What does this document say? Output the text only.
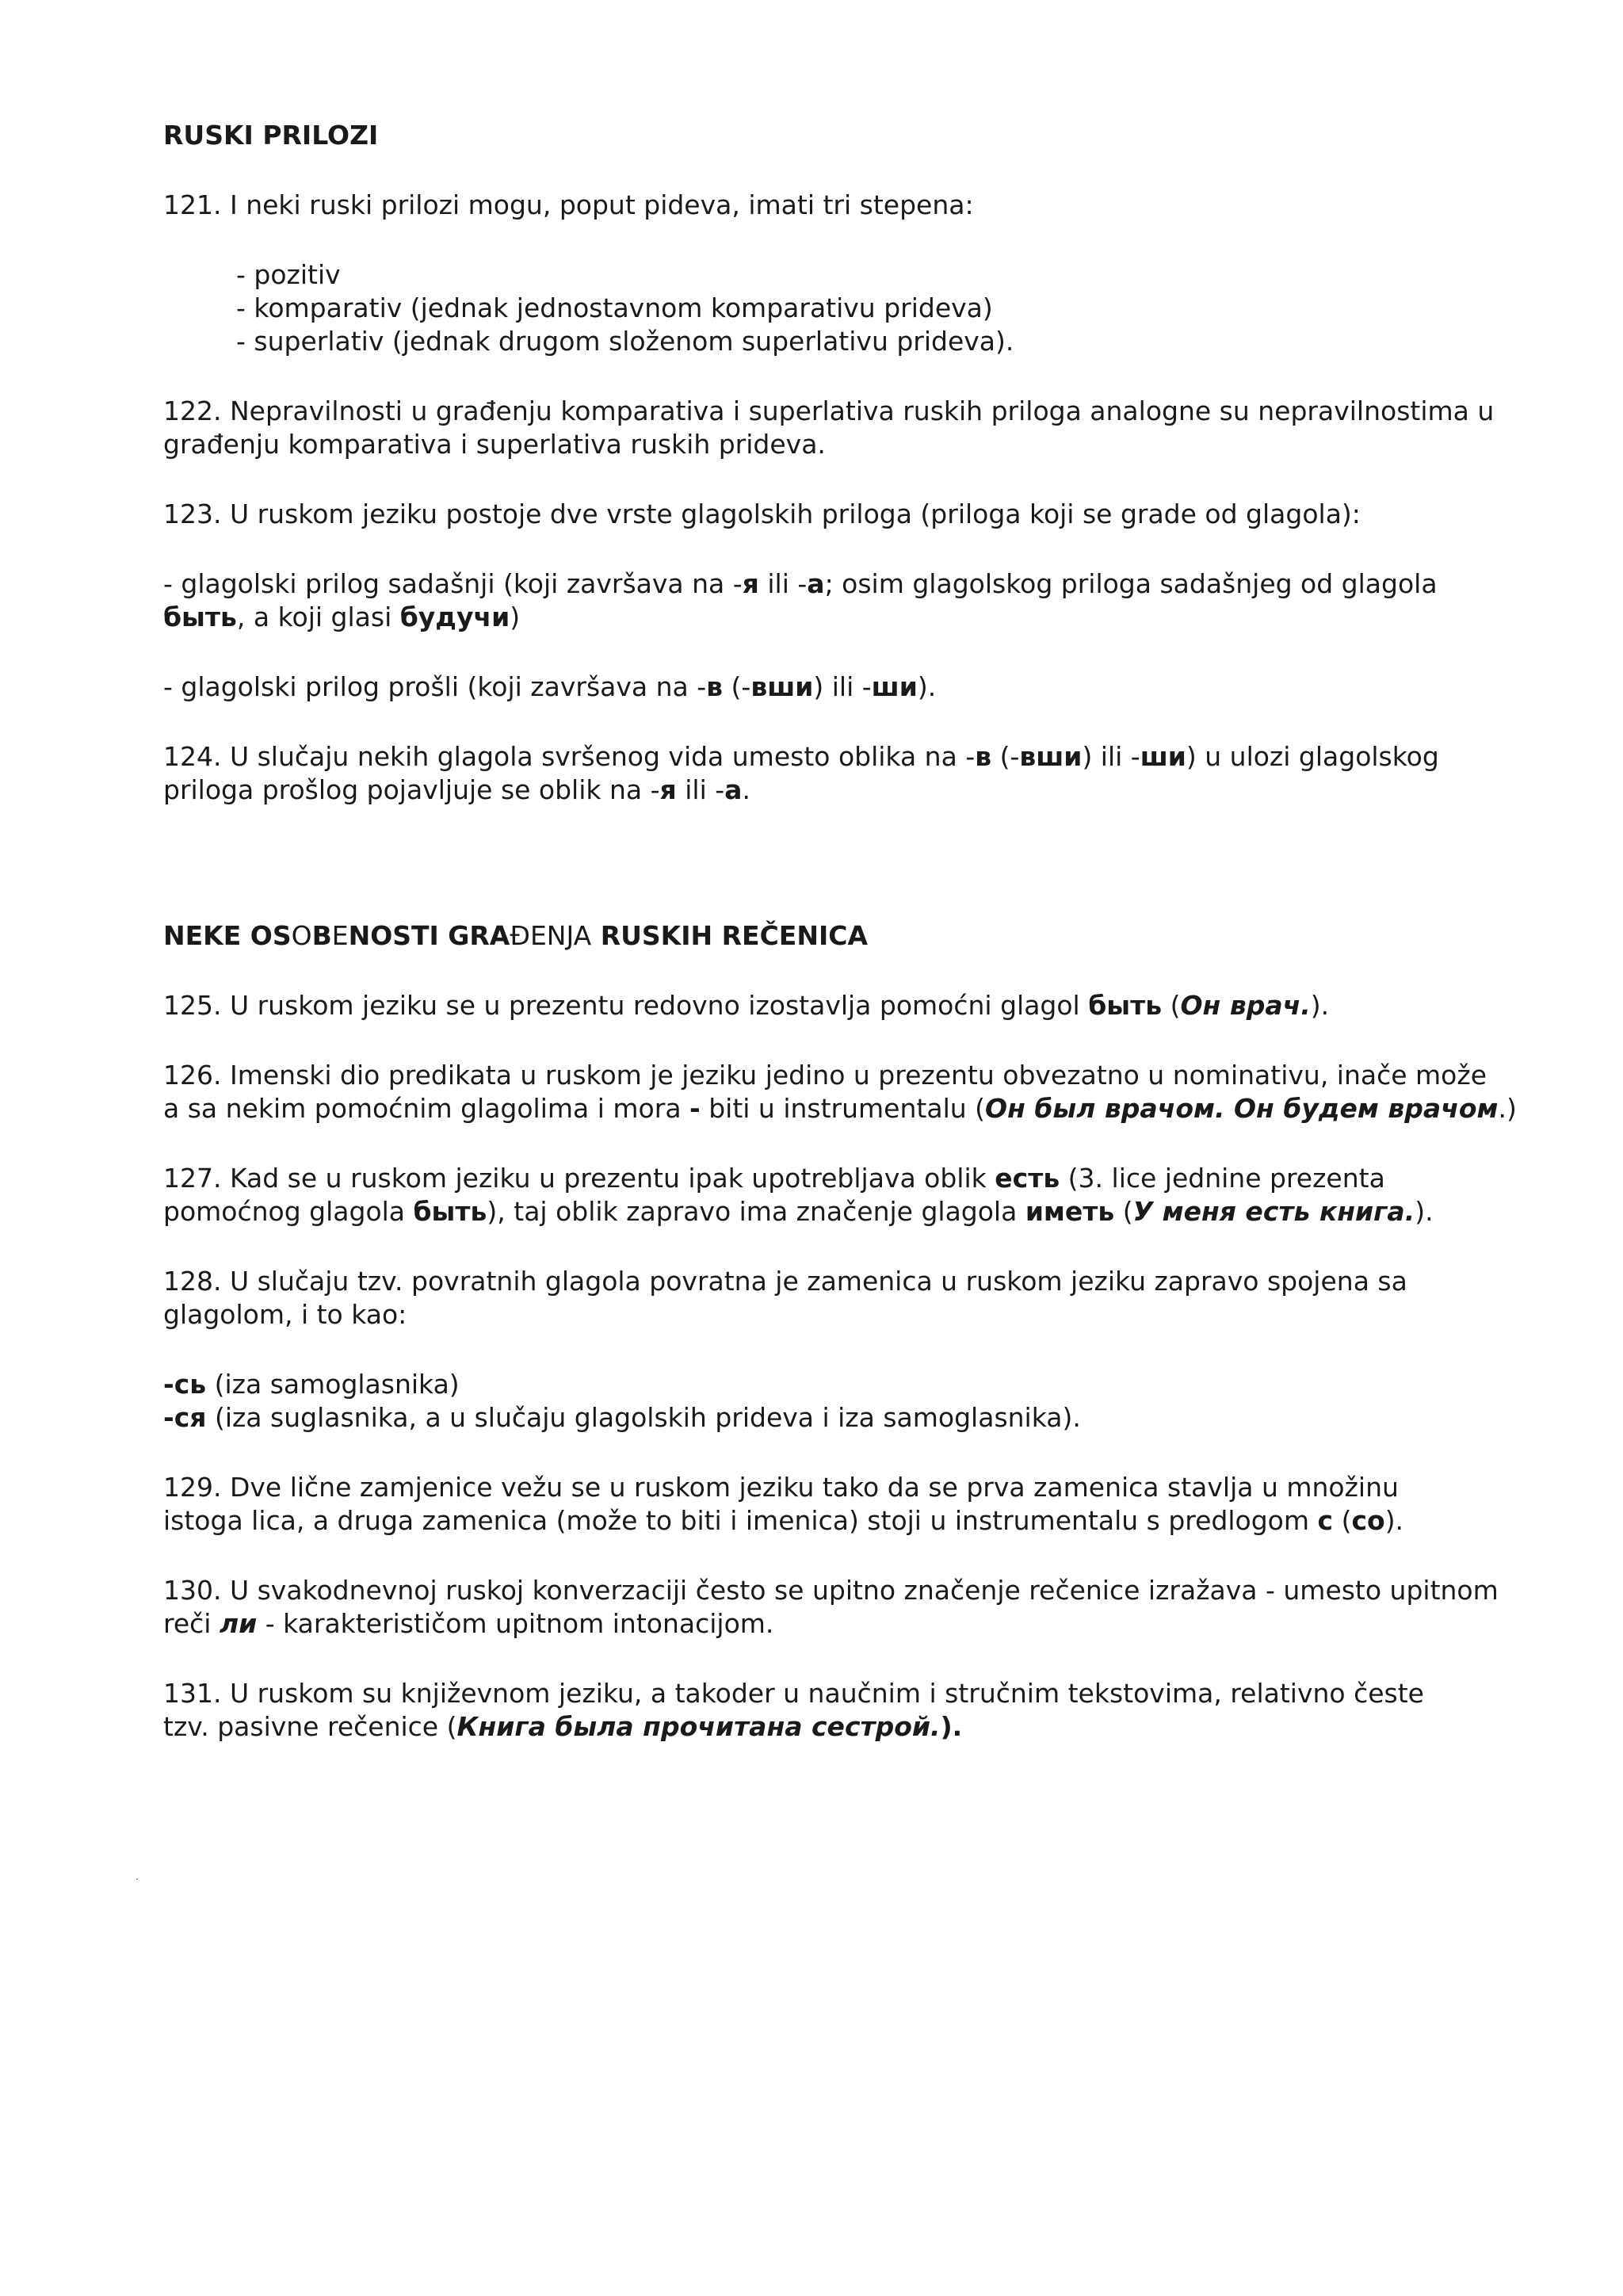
RUSKI PRILOZI

121. I neki ruski prilozi mogu, poput pideva, imati tri stepena:

- pozitiv

- komparativ (jednak jednostavnom komparativu prideva)

- superlativ (jednak drugom složenom superlativu prideva).

122. Nepravilnosti u građenju komparativa i superlativa ruskih priloga analogne su nepravilnostima u

građenju komparativa i superlativa ruskih prideva.

123. U ruskom jeziku postoje dve vrste glagolskih priloga (priloga koji se grade od glagola):

- glagolski prilog sadašnji (koji završava na -я ili -а; osim glagolskog priloga sadašnjeg od glagola

быть, a koji glasi будучи)

- glagolski prilog prošli (koji završava na -в (-вши) ili -ши).

124. U slučaju nekih glagola svršenog vida umesto oblika na -в (-вши) ili -ши) u ulozi glagolskog

priloga prošlog pojavljuje se oblik na -я ili -а.

NEKE OSOBENOSTI GRAĐENJA RUSKIH REČENICA

125. U ruskom jeziku se u prezentu redovno izostavlja pomoćni glagol быть (Он врач.).

126. Imenski dio predikata u ruskom je jeziku jedino u prezentu obvezatno u nominativu, inače može

a sa nekim pomoćnim glagolima i mora - biti u instrumentalu (Он был врачом. Он будем врачом.)

127. Kad se u ruskom jeziku u prezentu ipak upotrebljava oblik есть (3. lice jednine prezenta

pomoćnog glagola быть), taj oblik zapravo ima značenje glagola иметь (У меня есть книга.).

128. U slučaju tzv. povratnih glagola povratna je zamenica u ruskom jeziku zapravo spojena sa

glagolom, i to kao:

-сь (iza samoglasnika)

-ся (iza suglasnika, a u slučaju glagolskih prideva i iza samoglasnika).

129. Dve lične zamjenice vežu se u ruskom jeziku tako da se prva zamenica stavlja u množinu

istoga lica, a druga zamenica (može to biti i imenica) stoji u instrumentalu s predlogom с (со).

130. U svakodnevnoj ruskoj konverzaciji često se upitno značenje rečenice izražava - umesto upitnom

reči ли - karakterističom upitnom intonacijom.

131. U ruskom su književnom jeziku, a takoder u naučnim i stručnim tekstovima, relativno česte

tzv. pasivne rečenice (Книга была прочитана сестрой.).
